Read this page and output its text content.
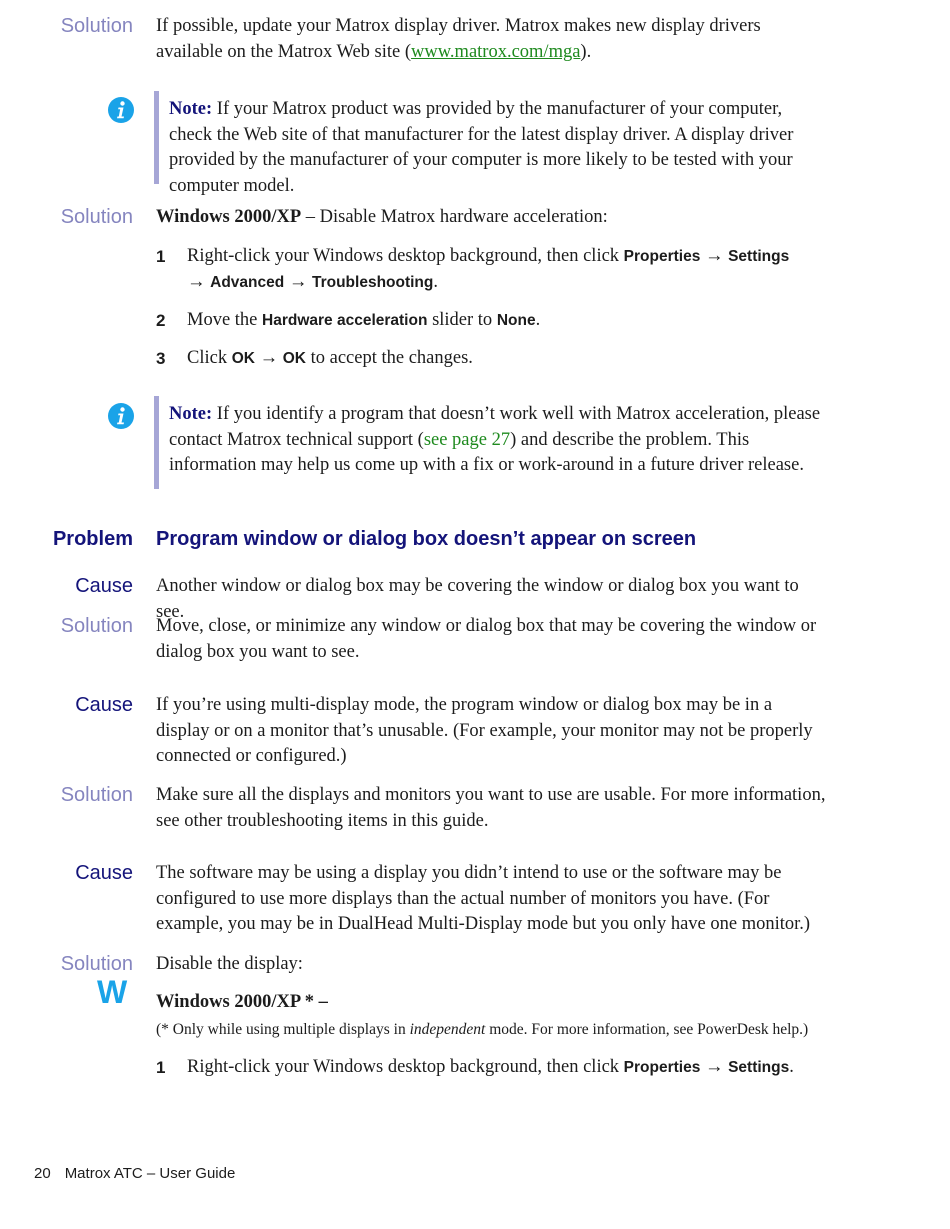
Solution If possible, update your Matrox display driver. Matrox makes new display drivers available on the Matrox Web site (www.matrox.com/mga).
Note: If your Matrox product was provided by the manufacturer of your computer, check the Web site of that manufacturer for the latest display driver. A display driver provided by the manufacturer of your computer is more likely to be tested with your computer model.
Solution Windows 2000/XP – Disable Matrox hardware acceleration:
1 Right-click your Windows desktop background, then click Properties → Settings → Advanced → Troubleshooting.
2 Move the Hardware acceleration slider to None.
3 Click OK → OK to accept the changes.
Note: If you identify a program that doesn’t work well with Matrox acceleration, please contact Matrox technical support (see page 27) and describe the problem. This information may help us come up with a fix or work-around in a future driver release.
Problem Program window or dialog box doesn’t appear on screen
Cause Another window or dialog box may be covering the window or dialog box you want to see.
Solution Move, close, or minimize any window or dialog box that may be covering the window or dialog box you want to see.
Cause If you’re using multi-display mode, the program window or dialog box may be in a display or on a monitor that’s unusable. (For example, your monitor may not be properly connected or configured.)
Solution Make sure all the displays and monitors you want to use are usable. For more information, see other troubleshooting items in this guide.
Cause The software may be using a display you didn’t intend to use or the software may be configured to use more displays than the actual number of monitors you have. (For example, you may be in DualHead Multi-Display mode but you only have one monitor.)
Solution Disable the display:
W Windows 2000/XP * –
(* Only while using multiple displays in independent mode. For more information, see PowerDesk help.)
1 Right-click your Windows desktop background, then click Properties → Settings.
20 Matrox ATC – User Guide
